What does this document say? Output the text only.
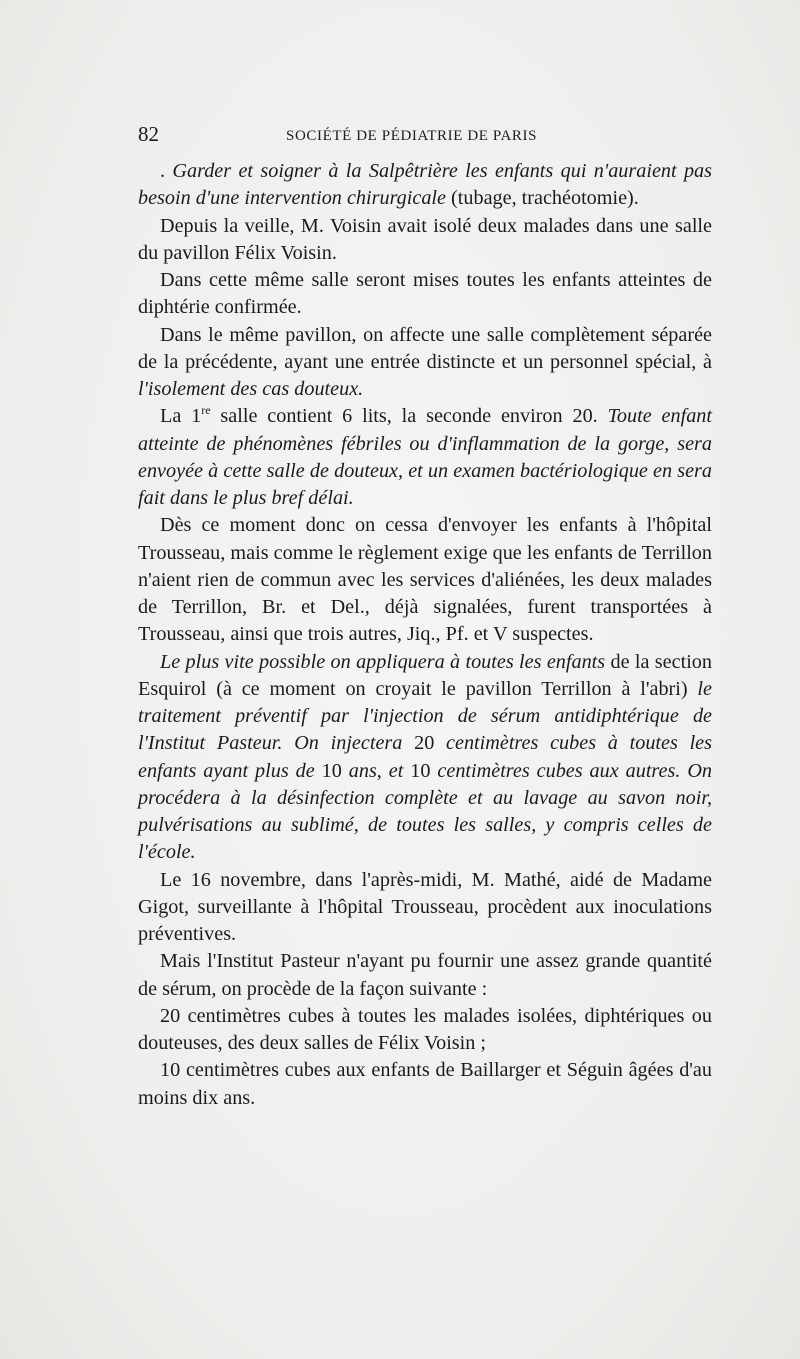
82	SOCIÉTÉ DE PÉDIATRIE DE PARIS

. Garder et soigner à la Salpêtrière les enfants qui n'auraient pas besoin d'une intervention chirurgicale (tubage, trachéotomie).

Depuis la veille, M. Voisin avait isolé deux malades dans une salle du pavillon Félix Voisin.

Dans cette même salle seront mises toutes les enfants atteintes de diphtérie confirmée.

Dans le même pavillon, on affecte une salle complètement séparée de la précédente, ayant une entrée distincte et un personnel spécial, à l'isolement des cas douteux.

La 1re salle contient 6 lits, la seconde environ 20. Toute enfant atteinte de phénomènes fébriles ou d'inflammation de la gorge, sera envoyée à cette salle de douteux, et un examen bactériologique en sera fait dans le plus bref délai.

Dès ce moment donc on cessa d'envoyer les enfants à l'hôpital Trousseau, mais comme le règlement exige que les enfants de Terrillon n'aient rien de commun avec les services d'aliénées, les deux malades de Terrillon, Br. et Del., déjà signalées, furent transportées à Trousseau, ainsi que trois autres, Jiq., Pf. et V suspectes.

Le plus vite possible on appliquera à toutes les enfants de la section Esquirol (à ce moment on croyait le pavillon Terrillon à l'abri) le traitement préventif par l'injection de sérum antidiphtérique de l'Institut Pasteur. On injectera 20 centimètres cubes à toutes les enfants ayant plus de 10 ans, et 10 centimètres cubes aux autres. On procédera à la désinfection complète et au lavage au savon noir, pulvérisations au sublimé, de toutes les salles, y compris celles de l'école.

Le 16 novembre, dans l'après-midi, M. Mathé, aidé de Madame Gigot, surveillante à l'hôpital Trousseau, procèdent aux inoculations préventives.

Mais l'Institut Pasteur n'ayant pu fournir une assez grande quantité de sérum, on procède de la façon suivante :

20 centimètres cubes à toutes les malades isolées, diphtériques ou douteuses, des deux salles de Félix Voisin ;

10 centimètres cubes aux enfants de Baillarger et Séguin âgées d'au moins dix ans.
